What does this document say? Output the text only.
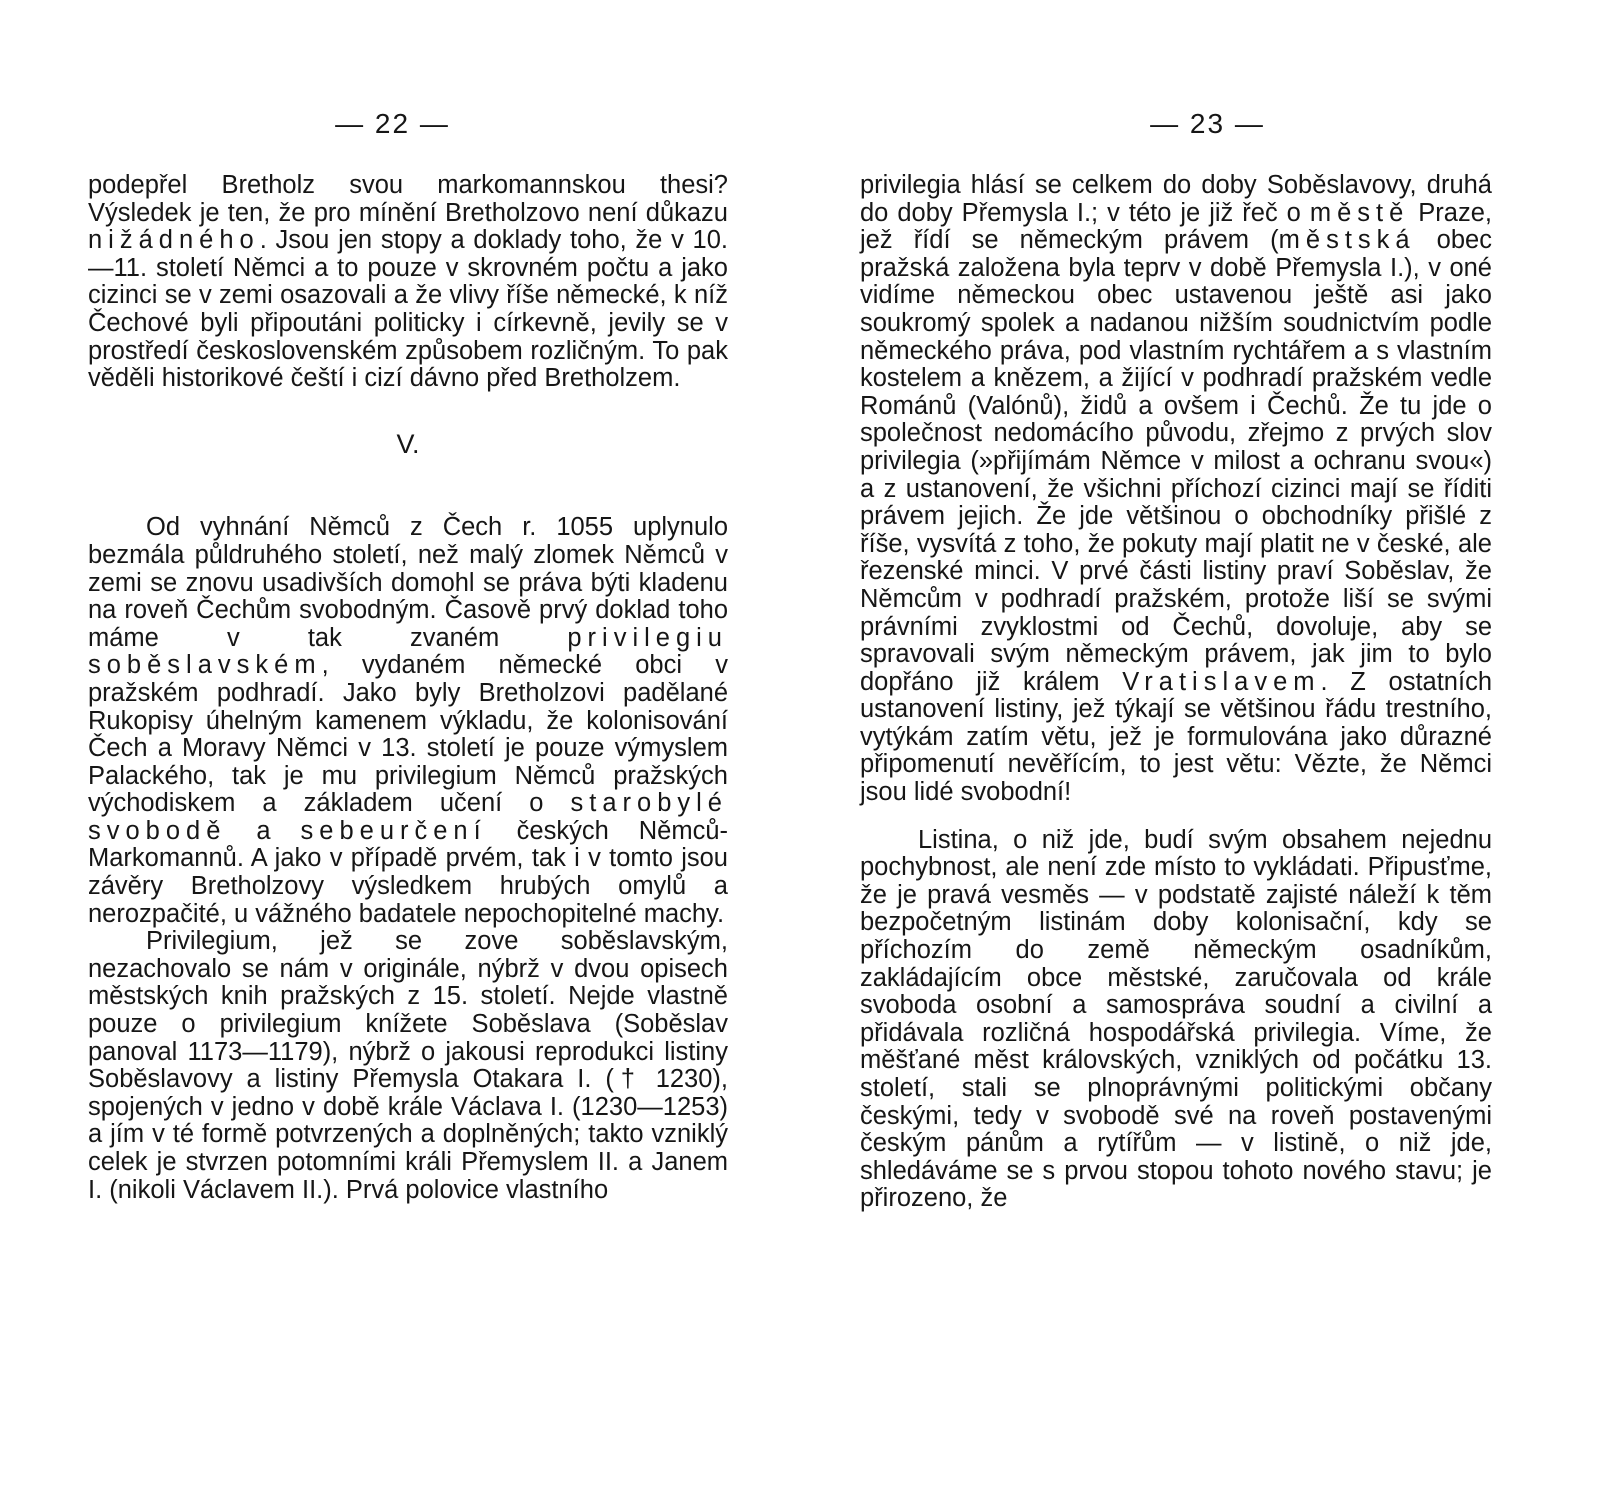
— 22 —

podepřel Bretholz svou markomannskou thesi? Výsledek je ten, že pro mínění Bretholzovo není důkazu nižádného. Jsou jen stopy a doklady toho, že v 10.—11. století Němci a to pouze v skrovném počtu a jako cizinci se v zemi osazovali a že vlivy říše německé, k níž Čechové byli připoutáni politicky i církevně, jevily se v prostředí československém způsobem rozličným. To pak věděli historikové čeští i cizí dávno před Bretholzem.

V.

Od vyhnání Němců z Čech r. 1055 uplynulo bezmála půldruhého století, než malý zlomek Němců v zemi se znovu usadivších domohl se práva býti kladenu na roveň Čechům svobodným. Časově prvý doklad toho máme v tak zvaném privilegiu soběslavském, vydaném německé obci v pražském podhradí. Jako byly Bretholzovi padělané Rukopisy úhelným kamenem výkladu, že kolonisování Čech a Moravy Němci v 13. století je pouze výmyslem Palackého, tak je mu privilegium Němců pražských východiskem a základem učení o starobylé svobodě a sebeurčení českých Němců-Markomannů. A jako v případě prvém, tak i v tomto jsou závěry Bretholzovy výsledkem hrubých omylů a nerozpačité, u vážného badatele nepochopitelné machy.

Privilegium, jež se zove soběslavským, nezachovalo se nám v originále, nýbrž v dvou opisech městských knih pražských z 15. století. Nejde vlastně pouze o privilegium knížete Soběslava (Soběslav panoval 1173—1179), nýbrž o jakousi reprodukci listiny Soběslavovy a listiny Přemysla Otakara I. († 1230), spojených v jedno v době krále Václava I. (1230—1253) a jím v té formě potvrzených a doplněných; takto vzniklý celek je stvrzen potomními králi Přemyslem II. a Janem I. (nikoli Václavem II.). Prvá polovice vlastního

— 23 —

privilegia hlásí se celkem do doby Soběslavovy, druhá do doby Přemysla I.; v této je již řeč o městě Praze, jež řídí se německým právem (městská obec pražská založena byla teprv v době Přemysla I.), v oné vidíme německou obec ustavenou ještě asi jako soukromý spolek a nadanou nižším soudnictvím podle německého práva, pod vlastním rychtářem a s vlastním kostelem a knězem, a žijící v podhradí pražském vedle Románů (Valónů), židů a ovšem i Čechů. Že tu jde o společnost nedomácího původu, zřejmo z prvých slov privilegia (»přijímám Němce v milost a ochranu svou«) a z ustanovení, že všichni příchozí cizinci mají se říditi právem jejich. Že jde většinou o obchodníky přišlé z říše, vysvítá z toho, že pokuty mají platit ne v české, ale řezenské minci. V prvé části listiny praví Soběslav, že Němcům v podhradí pražském, protože liší se svými právními zvyklostmi od Čechů, dovoluje, aby se spravovali svým německým právem, jak jim to bylo dopřáno již králem Vratislavem. Z ostatních ustanovení listiny, jež týkají se většinou řádu trestního, vytýkám zatím větu, jež je formulována jako důrazné připomenutí nevěřícím, to jest větu: Vězte, že Němci jsou lidé svobodní!

Listina, o niž jde, budí svým obsahem nejednu pochybnost, ale není zde místo to vykládati. Připusťme, že je pravá vesměs — v podstatě zajisté náleží k těm bezpočetným listinám doby kolonisační, kdy se příchozím do země německým osadníkům, zakládajícím obce městské, zaručovala od krále svoboda osobní a samospráva soudní a civilní a přidávala rozličná hospodářská privilegia. Víme, že měšťané měst královských, vzniklých od počátku 13. století, stali se plnoprávnými politickými občany českými, tedy v svobodě své na roveň postavenými českým pánům a rytířům — v listině, o niž jde, shledáváme se s prvou stopou tohoto nového stavu; je přirozeno, že
